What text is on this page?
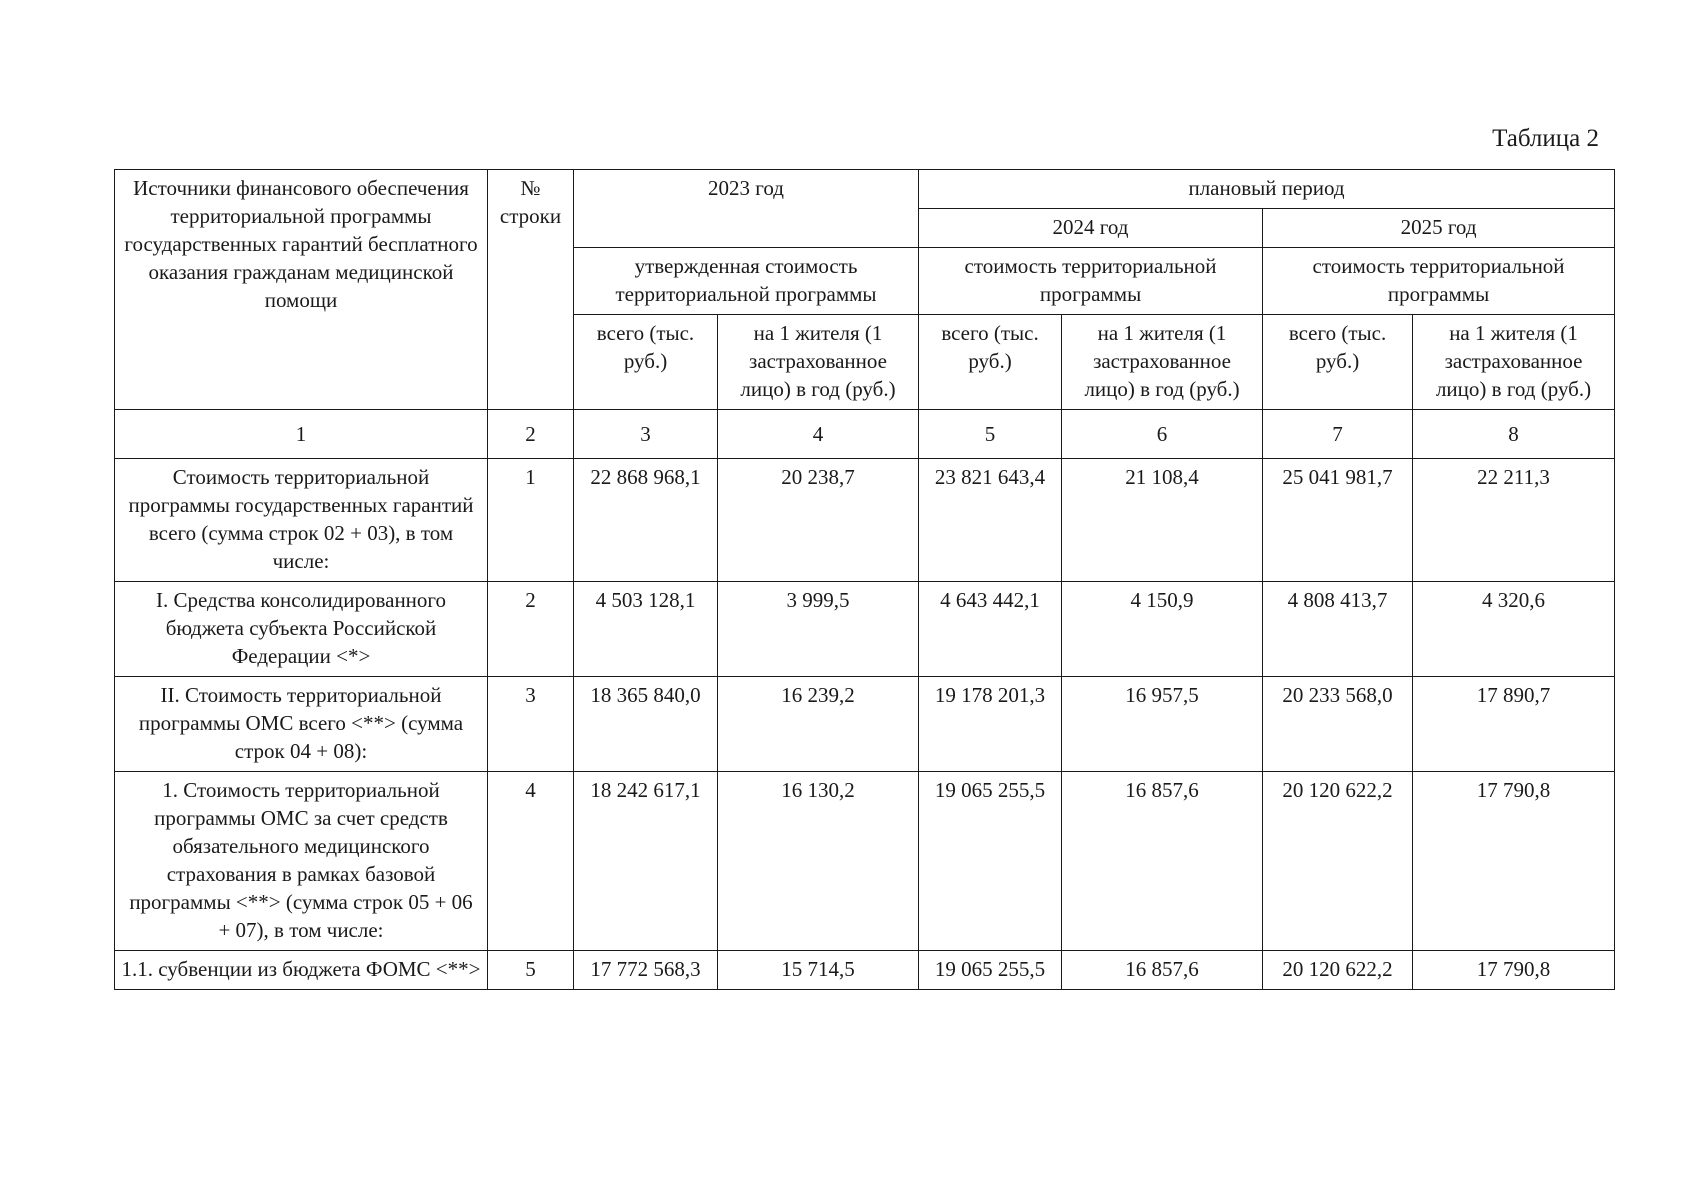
Таблица 2
Источники финансового обеспечения территориальной программы государственных гарантий бесплатного оказания гражданам медицинской помощи	№ строки	2023 год		плановый период			
				2024 год		2025 год	
		утвержденная стоимость территориальной программы		стоимость территориальной программы		стоимость территориальной программы	
		всего (тыс. руб.)	на 1 жителя (1 застрахованное лицо) в год (руб.)	всего (тыс. руб.)	на 1 жителя (1 застрахованное лицо) в год (руб.)	всего (тыс. руб.)	на 1 жителя (1 застрахованное лицо) в год (руб.)
1	2	3	4	5	6	7	8
Стоимость территориальной программы государственных гарантий всего (сумма строк 02 + 03), в том числе:	1	22 868 968,1	20 238,7	23 821 643,4	21 108,4	25 041 981,7	22 211,3
I. Средства консолидированного бюджета субъекта Российской Федерации <*>	2	4 503 128,1	3 999,5	4 643 442,1	4 150,9	4 808 413,7	4 320,6
II. Стоимость территориальной программы ОМС всего <**> (сумма строк 04 + 08):	3	18 365 840,0	16 239,2	19 178 201,3	16 957,5	20 233 568,0	17 890,7
1. Стоимость территориальной программы ОМС за счет средств обязательного медицинского страхования в рамках базовой программы <**> (сумма строк 05 + 06 + 07), в том числе:	4	18 242 617,1	16 130,2	19 065 255,5	16 857,6	20 120 622,2	17 790,8
1.1. субвенции из бюджета ФОМС <**>	5	17 772 568,3	15 714,5	19 065 255,5	16 857,6	20 120 622,2	17 790,8
